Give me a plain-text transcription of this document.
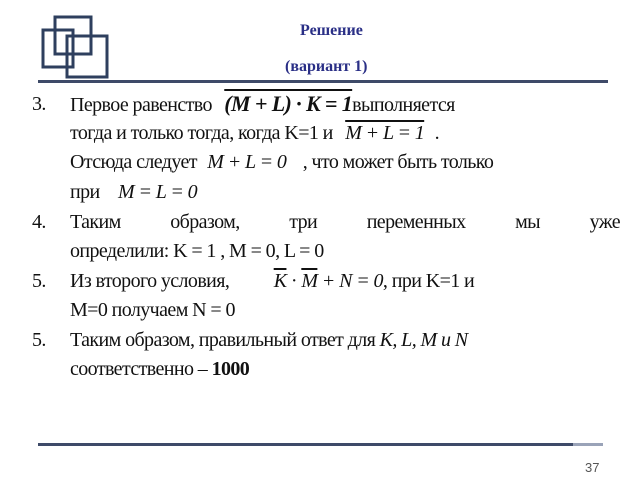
Решение
(вариант 1)
3. Первое равенство (M + L) · K = 1выполняется
тогда и только тогда, когда K=1 и M + L = 1 .
Отсюда следует M + L = 0 , что может быть только
при M = L = 0
4. Таким образом, три переменных мы уже
определили: K = 1 , M = 0, L = 0
5. Из второго условия, $\overline{K} \cdot \overline{M} + N = 0$, при K=1 и
M=0 получаем N = 0
5. Таким образом, правильный ответ для K, L, M и N
соответственно – 1000
37
